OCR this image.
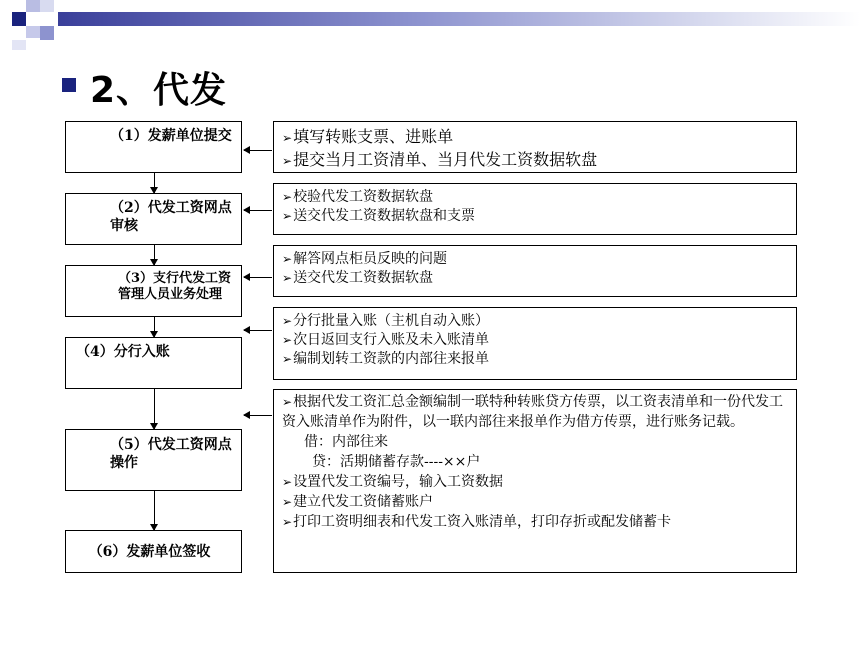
2、代发
（1）发薪单位提交
（2）代发工资网点审核
（3）支行代发工资管理人员业务处理
（4）分行入账
（5）代发工资网点操作
（6）发薪单位签收
➢ 填写转账支票、进账单
➢ 提交当月工资清单、当月代发工资数据软盘
➢ 校验代发工资数据软盘
➢ 送交代发工资数据软盘和支票
➢ 解答网点柜员反映的问题
➢ 送交代发工资数据软盘
➢ 分行批量入账（主机自动入账）
➢ 次日返回支行入账及未入账清单
➢ 编制划转工资款的内部往来报单
➢ 根据代发工资汇总金额编制一联特种转账贷方传票，以工资表清单和一份代发工资入账清单作为附件，以一联内部往来报单作为借方传票，进行账务记载。
借：内部往来
贷：活期储蓄存款----××户
➢ 设置代发工资编号，输入工资数据
➢ 建立代发工资储蓄账户
➢ 打印工资明细表和代发工资入账清单，打印存折或配发储蓄卡
